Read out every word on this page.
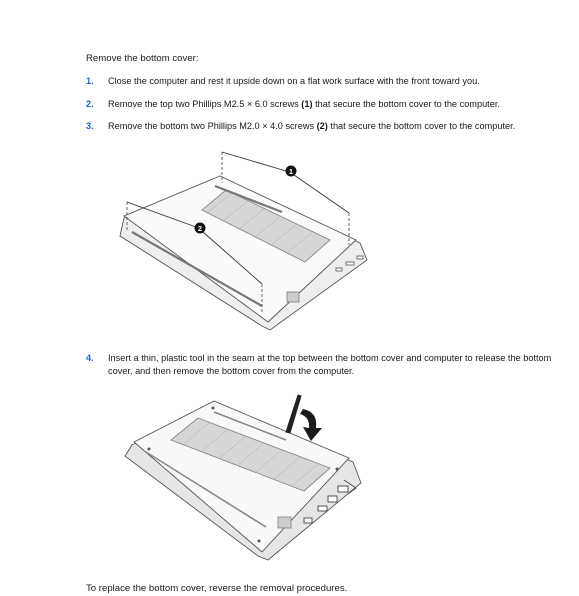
Remove the bottom cover:
1. Close the computer and rest it upside down on a flat work surface with the front toward you.
2. Remove the top two Phillips M2.5 × 6.0 screws (1) that secure the bottom cover to the computer.
3. Remove the bottom two Phillips M2.0 × 4.0 screws (2) that secure the bottom cover to the computer.
1
2
4. Insert a thin, plastic tool in the seam at the top between the bottom cover and computer to release the bottom cover, and then remove the bottom cover from the computer.
To replace the bottom cover, reverse the removal procedures.
